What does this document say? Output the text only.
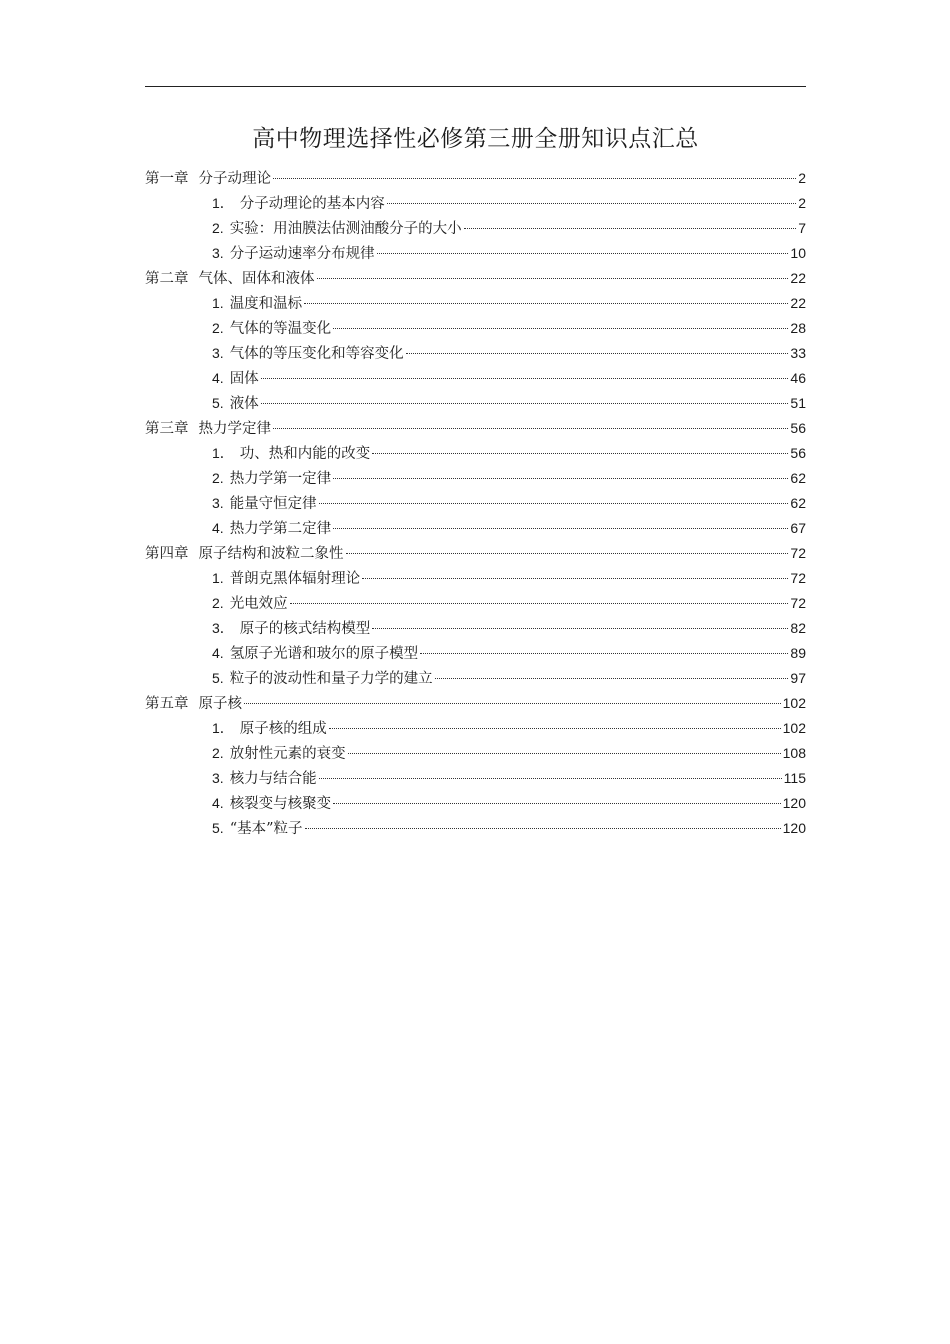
高中物理选择性必修第三册全册知识点汇总
第一章 分子动理论	2
1． 分子动理论的基本内容	2
2. 实验：用油膜法估测油酸分子的大小	7
3. 分子运动速率分布规律	10
第二章 气体、固体和液体	22
1. 温度和温标	22
2. 气体的等温变化	28
3. 气体的等压变化和等容变化	33
4. 固体	46
5. 液体	51
第三章 热力学定律	56
1． 功、热和内能的改变	56
2. 热力学第一定律	62
3. 能量守恒定律	62
4. 热力学第二定律	67
第四章 原子结构和波粒二象性	72
1. 普朗克黑体辐射理论	72
2. 光电效应	72
3． 原子的核式结构模型	82
4. 氢原子光谱和玻尔的原子模型	89
5. 粒子的波动性和量子力学的建立	97
第五章 原子核	102
1． 原子核的组成	102
2. 放射性元素的衰变	108
3. 核力与结合能	115
4. 核裂变与核聚变	120
5. “基本”粒子	120
